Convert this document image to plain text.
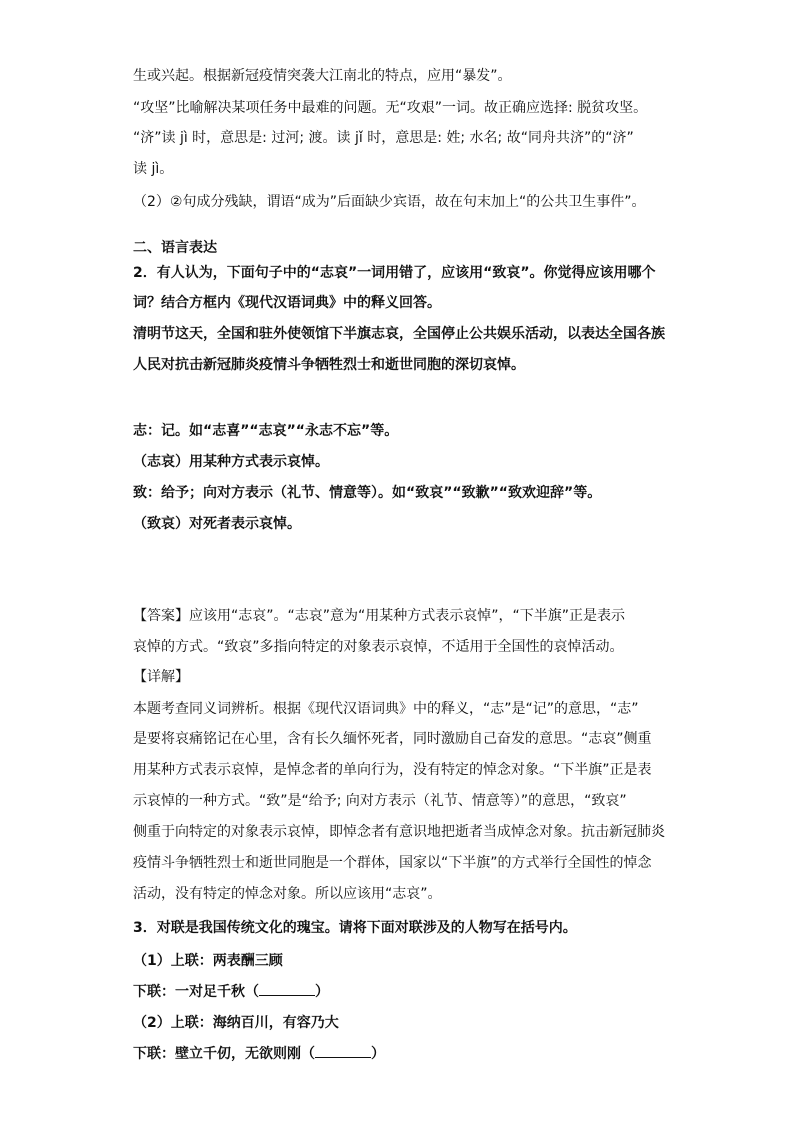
生或兴起。根据新冠疫情突袭大江南北的特点，应用“暴发”。
“攻坚”比喻解决某项任务中最难的问题。无“攻艰”一词。故正确应选择: 脱贫攻坚。
“济”读 jì 时，意思是: 过河; 渡。读 jǐ 时，意思是: 姓; 水名; 故“同舟共济”的“济”
读 jì。
（2）②句成分残缺，谓语“成为”后面缺少宾语，故在句末加上“的公共卫生事件”。
二、语言表达
2．有人认为，下面句子中的“志哀”一词用错了，应该用“致哀”。你觉得应该用哪个
词？结合方框内《现代汉语词典》中的释义回答。
清明节这天，全国和驻外使领馆下半旗志哀，全国停止公共娱乐活动，以表达全国各族
人民对抗击新冠肺炎疫情斗争牺牲烈士和逝世同胞的深切哀悼。
志：记。如“志喜”“志哀”“永志不忘”等。
（志哀）用某种方式表示哀悼。
致：给予；向对方表示（礼节、情意等）。如“致哀”“致歉”“致欢迎辞”等。
（致哀）对死者表示哀悼。
【答案】应该用“志哀”。“志哀”意为“用某种方式表示哀悼”，“下半旗”正是表示
哀悼的方式。“致哀”多指向特定的对象表示哀悼，不适用于全国性的哀悼活动。
【详解】
本题考查同义词辨析。根据《现代汉语词典》中的释义，“志”是“记”的意思，“志”
是要将哀痛铭记在心里，含有长久缅怀死者，同时激励自己奋发的意思。“志哀”侧重
用某种方式表示哀悼，是悼念者的单向行为，没有特定的悼念对象。“下半旗”正是表
示哀悼的一种方式。“致”是“给予; 向对方表示（礼节、情意等）”的意思，“致哀”
侧重于向特定的对象表示哀悼，即悼念者有意识地把逝者当成悼念对象。抗击新冠肺炎
疫情斗争牺牲烈士和逝世同胞是一个群体，国家以“下半旗”的方式举行全国性的悼念
活动，没有特定的悼念对象。所以应该用“志哀”。
3．对联是我国传统文化的瑰宝。请将下面对联涉及的人物写在括号内。
（1）上联：两表酬三顾
下联：一对足千秋（	）
（2）上联：海纳百川，有容乃大
下联：壁立千仞，无欲则刚（	）
